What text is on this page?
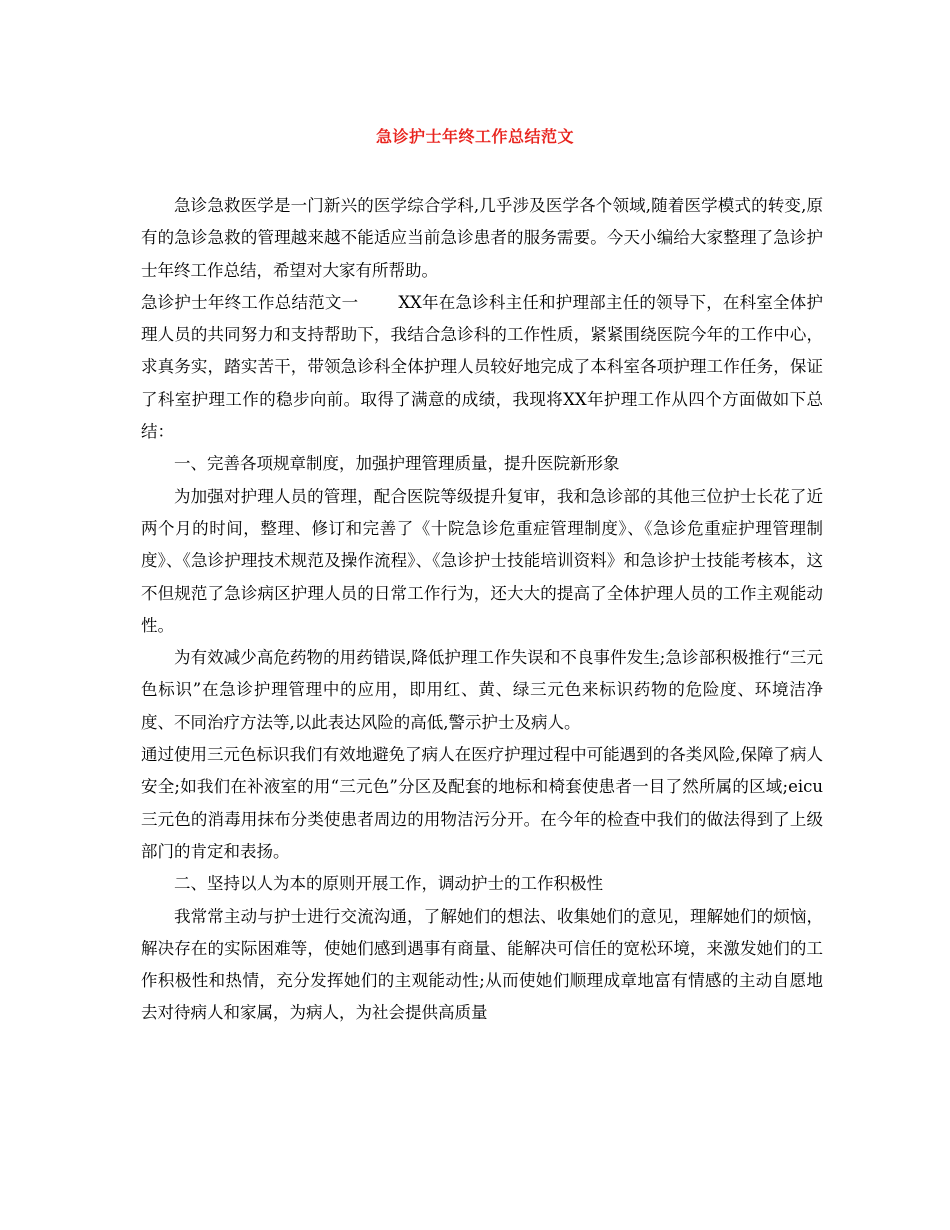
急诊护士年终工作总结范文

急诊急救医学是一门新兴的医学综合学科,几乎涉及医学各个领域,随着医学模式的转变,原有的急诊急救的管理越来越不能适应当前急诊患者的服务需要。今天小编给大家整理了急诊护士年终工作总结，希望对大家有所帮助。

急诊护士年终工作总结范文一 XX年在急诊科主任和护理部主任的领导下，在科室全体护理人员的共同努力和支持帮助下，我结合急诊科的工作性质，紧紧围绕医院今年的工作中心，求真务实，踏实苦干，带领急诊科全体护理人员较好地完成了本科室各项护理工作任务，保证了科室护理工作的稳步向前。取得了满意的成绩，我现将XX年护理工作从四个方面做如下总结：

一、完善各项规章制度，加强护理管理质量，提升医院新形象

为加强对护理人员的管理，配合医院等级提升复审，我和急诊部的其他三位护士长花了近两个月的时间，整理、修订和完善了《十院急诊危重症管理制度》、《急诊危重症护理管理制度》、《急诊护理技术规范及操作流程》、《急诊护士技能培训资料》和急诊护士技能考核本，这不但规范了急诊病区护理人员的日常工作行为，还大大的提高了全体护理人员的工作主观能动性。

为有效减少高危药物的用药错误,降低护理工作失误和不良事件发生;急诊部积极推行“三元色标识”在急诊护理管理中的应用，即用红、黄、绿三元色来标识药物的危险度、环境洁净度、不同治疗方法等,以此表达风险的高低,警示护士及病人。

通过使用三元色标识我们有效地避免了病人在医疗护理过程中可能遇到的各类风险,保障了病人安全;如我们在补液室的用“三元色”分区及配套的地标和椅套使患者一目了然所属的区域;eicu三元色的消毒用抹布分类使患者周边的用物洁污分开。在今年的检查中我们的做法得到了上级部门的肯定和表扬。

二、坚持以人为本的原则开展工作，调动护士的工作积极性

我常常主动与护士进行交流沟通，了解她们的想法、收集她们的意见，理解她们的烦恼，解决存在的实际困难等，使她们感到遇事有商量、能解决可信任的宽松环境，来激发她们的工作积极性和热情，充分发挥她们的主观能动性;从而使她们顺理成章地富有情感的主动自愿地去对待病人和家属，为病人，为社会提供高质量
